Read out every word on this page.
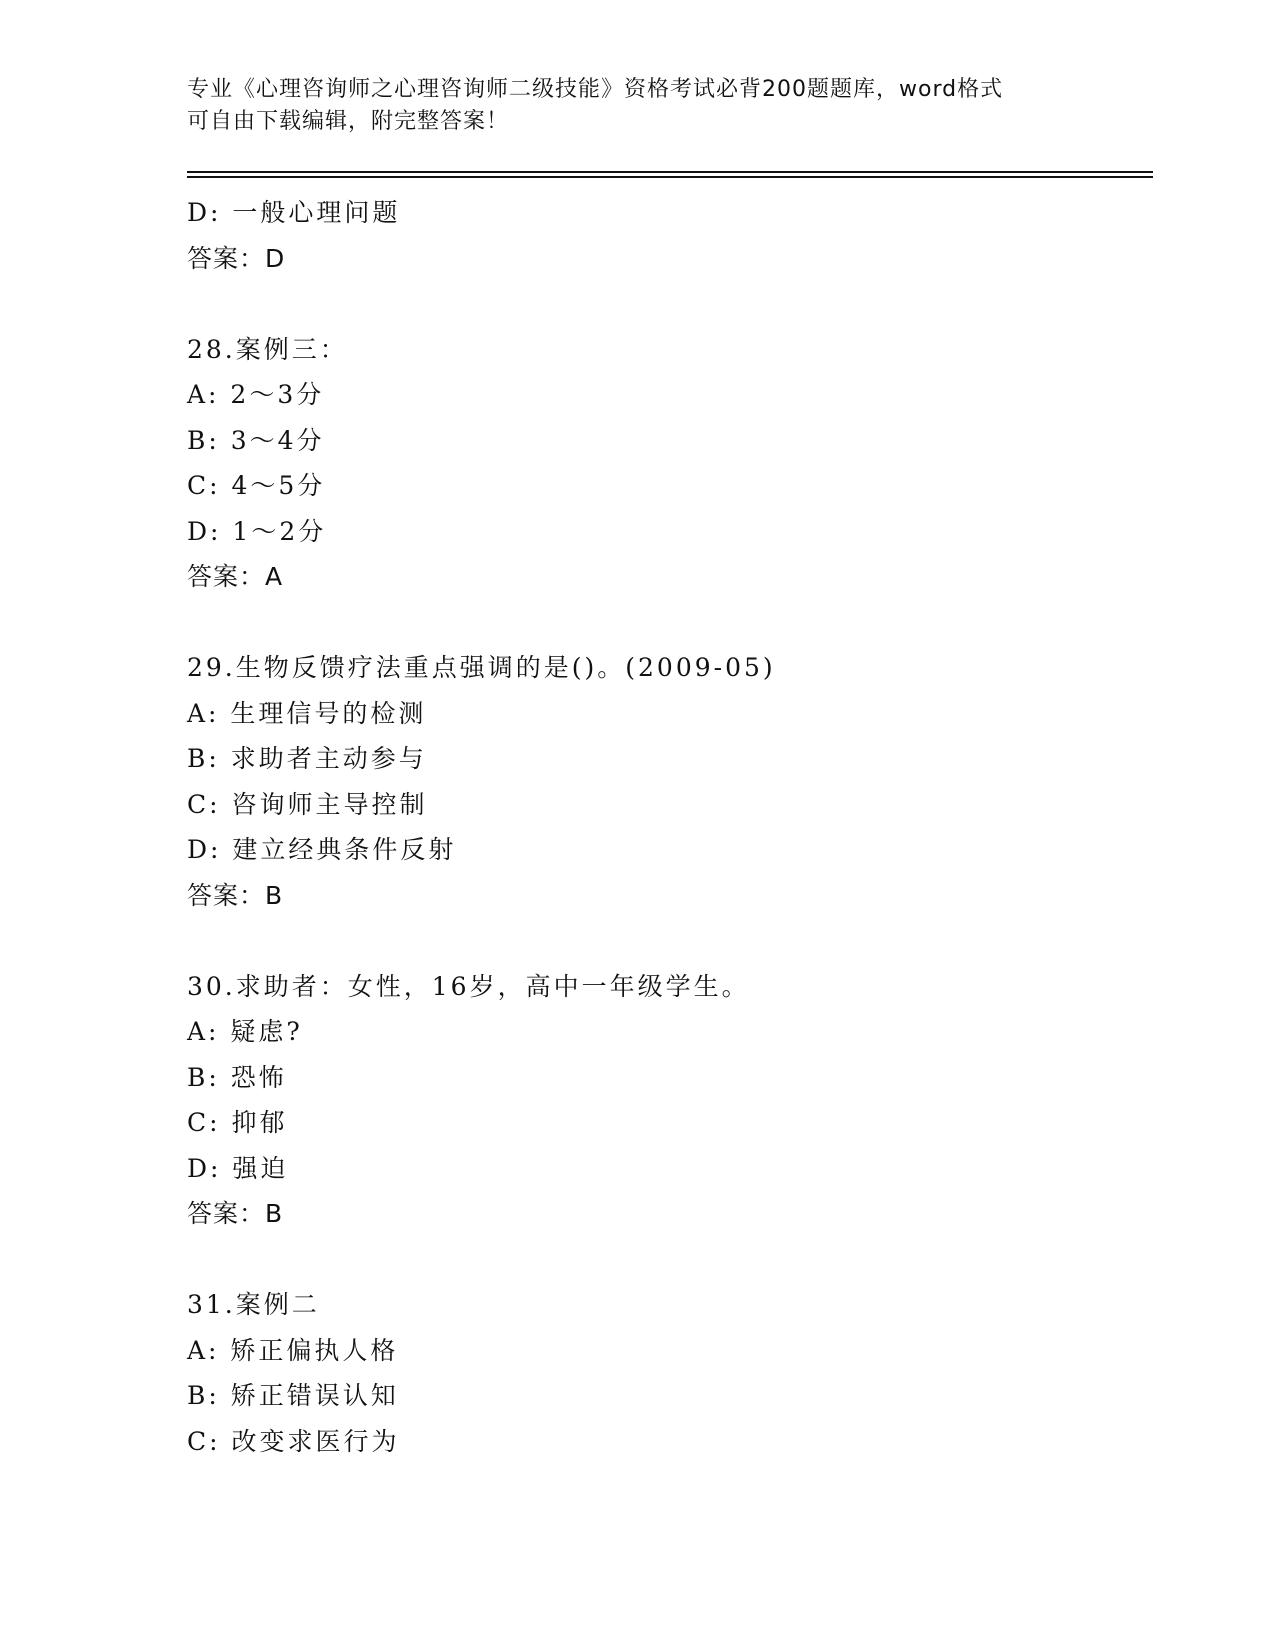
专业《心理咨询师之心理咨询师二级技能》资格考试必背200题题库，word格式
可自由下载编辑，附完整答案！
D: 一般心理问题
答案：D
28.案例三：
A: 2～3分
B: 3～4分
C: 4～5分
D: 1～2分
答案：A
29.生物反馈疗法重点强调的是()。(2009-05)
A: 生理信号的检测
B: 求助者主动参与
C: 咨询师主导控制
D: 建立经典条件反射
答案：B
30.求助者：女性，16岁，高中一年级学生。
A: 疑虑?
B: 恐怖
C: 抑郁
D: 强迫
答案：B
31.案例二
A: 矫正偏执人格
B: 矫正错误认知
C: 改变求医行为
